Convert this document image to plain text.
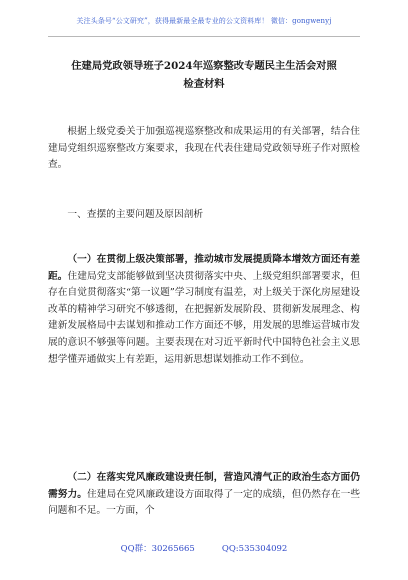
关注头条号“公文研究”，获得最新最全最专业的公文资料库！ 微信：gongwenyj
住建局党政领导班子2024年巡察整改专题民主生活会对照
检查材料
根据上级党委关于加强巡视巡察整改和成果运用的有关部署，结合住建局党组织巡察整改方案要求，我现在代表住建局党政领导班子作对照检查。
一、查摆的主要问题及原因剖析
（一）在贯彻上级决策部署，推动城市发展提质降本增效方面还有差距。住建局党支部能够做到坚决贯彻落实中央、上级党组织部署要求，但存在自觉贯彻落实“第一议题”学习制度有温差，对上级关于深化房屋建设改革的精神学习研究不够透彻，在把握新发展阶段、贯彻新发展理念、构建新发展格局中去谋划和推动工作方面还不够，用发展的思维运营城市发展的意识不够强等问题。主要表现在对习近平新时代中国特色社会主义思想学懂弄通做实上有差距，运用新思想谋划推动工作不到位。
（二）在落实党风廉政建设责任制，营造风清气正的政治生态方面仍需努力。住建局在党风廉政建设方面取得了一定的成绩，但仍然存在一些问题和不足。一方面，个
QQ群：30265665          QQ:535304092
